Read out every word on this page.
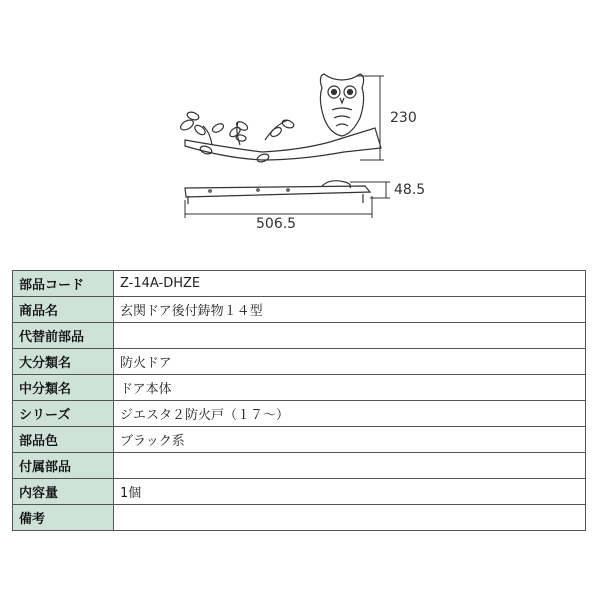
230
48.5
506.5
部品コード	Z-14A-DHZE
商品名	玄関ドア後付鋳物１４型
代替前部品	
大分類名	防火ドア
中分類名	ドア本体
シリーズ	ジエスタ２防火戸（１７～）
部品色	ブラック系
付属部品	
内容量	1個
備考	
